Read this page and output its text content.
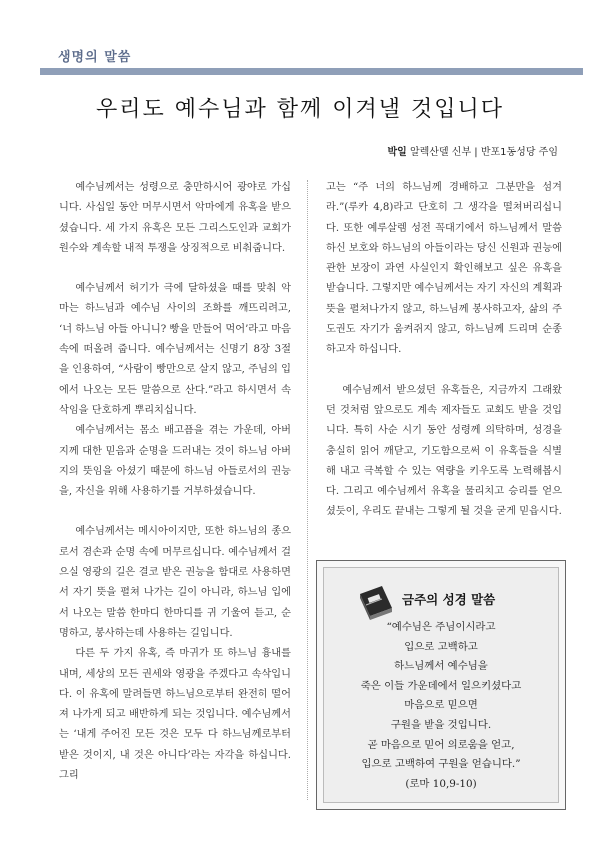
생명의 말씀
우리도 예수님과 함께 이겨낼 것입니다
박일 알렉산델 신부 | 반포1동성당 주임

예수님께서는 성령으로 충만하시어 광야로 가십니다. 사십일 동안 머무시면서 악마에게 유혹을 받으셨습니다. 세 가지 유혹은 모든 그리스도인과 교회가 원수와 계속할 내적 투쟁을 상징적으로 비춰줍니다.

예수님께서 허기가 극에 달하셨을 때를 맞춰 악마는 하느님과 예수님 사이의 조화를 깨뜨리려고, ‘너 하느님 아들 아니니? 빵을 만들어 먹어’라고 마음속에 떠올려 줍니다. 예수님께서는 신명기 8장 3절을 인용하여, “사람이 빵만으로 살지 않고, 주님의 입에서 나오는 모든 말씀으로 산다.”라고 하시면서 속삭임을 단호하게 뿌리치십니다.

예수님께서는 몸소 배고픔을 겪는 가운데, 아버지께 대한 믿음과 순명을 드러내는 것이 하느님 아버지의 뜻임을 아셨기 때문에 하느님 아들로서의 권능을, 자신을 위해 사용하기를 거부하셨습니다.

예수님께서는 메시아이지만, 또한 하느님의 종으로서 겸손과 순명 속에 머무르십니다. 예수님께서 걸으실 영광의 길은 결코 받은 권능을 함대로 사용하면서 자기 뜻을 펼쳐 나가는 길이 아니라, 하느님 입에서 나오는 말씀 한마디 한마디를 귀 기울여 듣고, 순명하고, 봉사하는데 사용하는 길입니다.

다른 두 가지 유혹, 즉 마귀가 또 하느님 흉내를 내며, 세상의 모든 권세와 영광을 주겠다고 속삭입니다. 이 유혹에 말려들면 하느님으로부터 완전히 떨어져 나가게 되고 배반하게 되는 것입니다. 예수님께서는 ‘내게 주어진 모든 것은 모두 다 하느님께로부터 받은 것이지, 내 것은 아니다’라는 자각을 하십니다. 그리

고는 “주 너의 하느님께 경배하고 그분만을 섬겨라.”(루카 4,8)라고 단호히 그 생각을 떨쳐버리십니다. 또한 예루살렘 성전 꼭대기에서 하느님께서 말씀하신 보호와 하느님의 아들이라는 당신 신원과 권능에 관한 보장이 과연 사실인지 확인해보고 싶은 유혹을 받습니다. 그렇지만 예수님께서는 자기 자신의 계획과 뜻을 펼쳐나가지 않고, 하느님께 봉사하고자, 삶의 주도권도 자기가 움켜쥐지 않고, 하느님께 드리며 순종하고자 하십니다.

예수님께서 받으셨던 유혹들은, 지금까지 그래왔던 것처럼 앞으로도 계속 제자들도 교회도 받을 것입니다. 특히 사순 시기 동안 성령께 의탁하며, 성경을 충실히 읽어 깨닫고, 기도함으로써 이 유혹들을 식별해 내고 극복할 수 있는 역량을 키우도록 노력해봅시다. 그리고 예수님께서 유혹을 물리치고 승리를 얻으셨듯이, 우리도 끝내는 그렇게 될 것을 굳게 믿읍시다.

금주의 성경 말씀
“예수님은 주님이시라고
입으로 고백하고
하느님께서 예수님을
죽은 이들 가운데에서 일으키셨다고
마음으로 믿으면
구원을 받을 것입니다.
곧 마음으로 믿어 의로움을 얻고,
입으로 고백하여 구원을 얻습니다.”
(로마 10,9-10)
